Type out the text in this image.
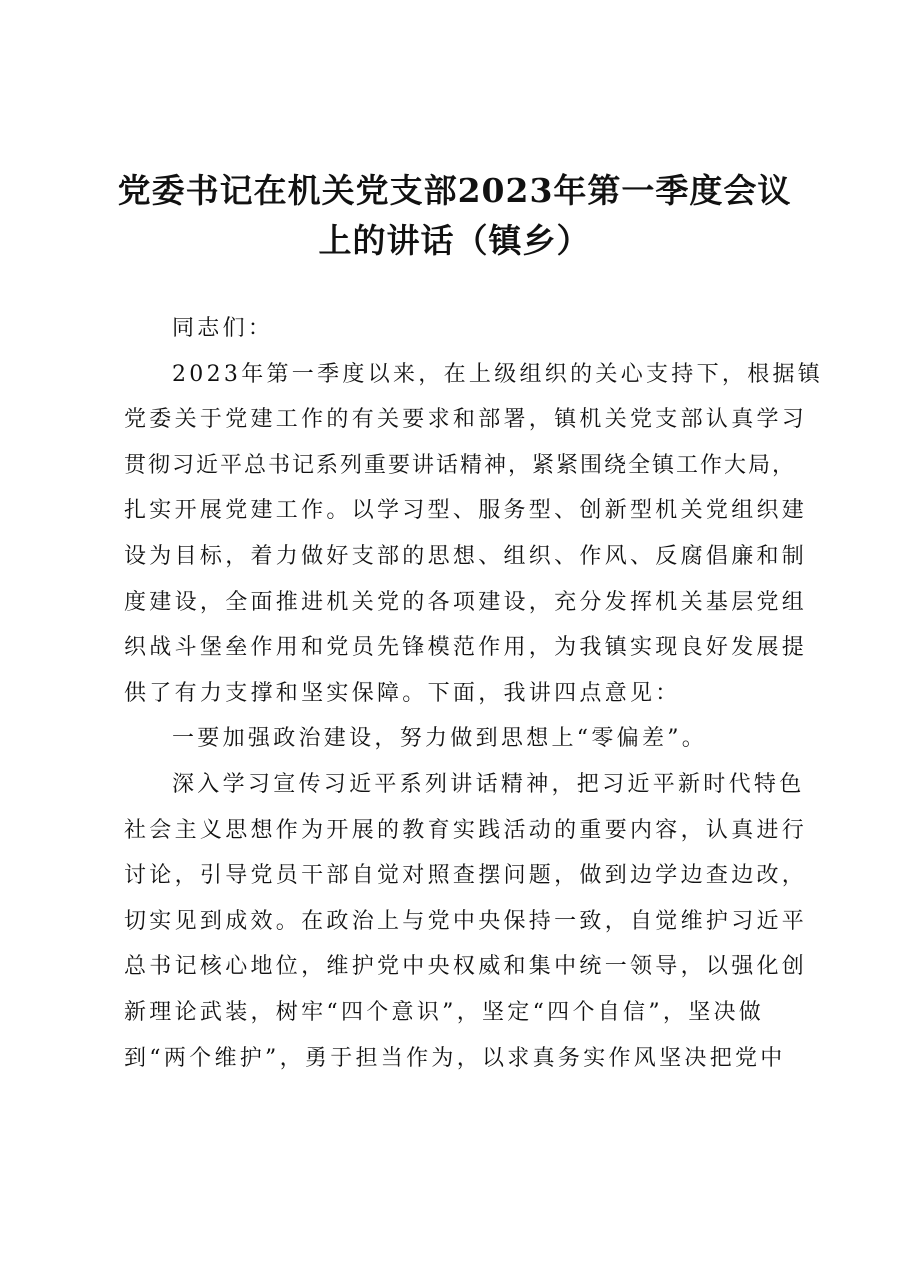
党委书记在机关党支部2023年第一季度会议
上的讲话（镇乡）

同志们：

2023年第一季度以来，在上级组织的关心支持下，根据镇
党委关于党建工作的有关要求和部署，镇机关党支部认真学习
贯彻习近平总书记系列重要讲话精神，紧紧围绕全镇工作大局，
扎实开展党建工作。以学习型、服务型、创新型机关党组织建
设为目标，着力做好支部的思想、组织、作风、反腐倡廉和制
度建设，全面推进机关党的各项建设，充分发挥机关基层党组
织战斗堡垒作用和党员先锋模范作用，为我镇实现良好发展提
供了有力支撑和坚实保障。下面，我讲四点意见：

一要加强政治建设，努力做到思想上“零偏差”。

深入学习宣传习近平系列讲话精神，把习近平新时代特色
社会主义思想作为开展的教育实践活动的重要内容，认真进行
讨论，引导党员干部自觉对照查摆问题，做到边学边查边改，
切实见到成效。在政治上与党中央保持一致，自觉维护习近平
总书记核心地位，维护党中央权威和集中统一领导，以强化创
新理论武装，树牢“四个意识”，坚定“四个自信”，坚决做
到“两个维护”，勇于担当作为，以求真务实作风坚决把党中
